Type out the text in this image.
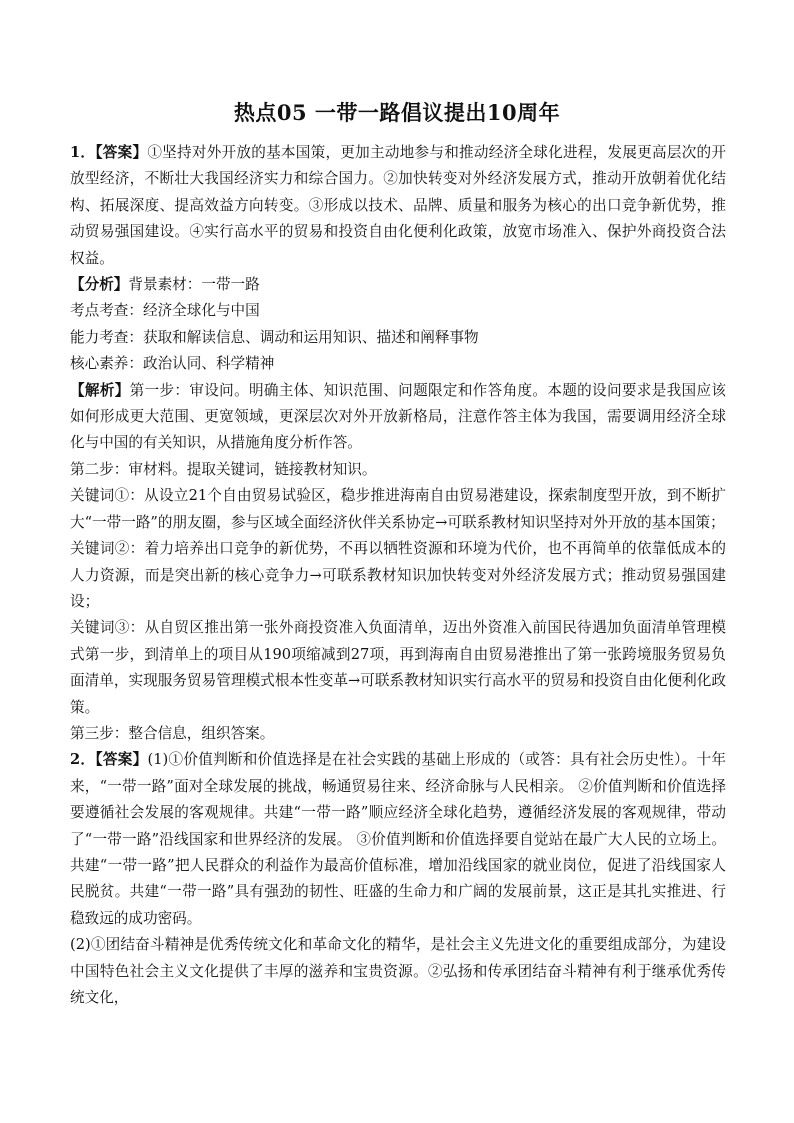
热点05 一带一路倡议提出10周年

1．【答案】①坚持对外开放的基本国策，更加主动地参与和推动经济全球化进程，发展更高层次的开放型经济，不断壮大我国经济实力和综合国力。②加快转变对外经济发展方式，推动开放朝着优化结构、拓展深度、提高效益方向转变。③形成以技术、品牌、质量和服务为核心的出口竞争新优势，推动贸易强国建设。④实行高水平的贸易和投资自由化便利化政策，放宽市场准入、保护外商投资合法权益。

【分析】背景素材：一带一路

考点考查：经济全球化与中国

能力考查：获取和解读信息、调动和运用知识、描述和阐释事物

核心素养：政治认同、科学精神

【解析】第一步：审设问。明确主体、知识范围、问题限定和作答角度。本题的设问要求是我国应该如何形成更大范围、更宽领域，更深层次对外开放新格局，注意作答主体为我国，需要调用经济全球化与中国的有关知识，从措施角度分析作答。

第二步：审材料。提取关键词，链接教材知识。

关键词①：从设立21个自由贸易试验区，稳步推进海南自由贸易港建设，探索制度型开放，到不断扩大“一带一路”的朋友圈，参与区域全面经济伙伴关系协定→可联系教材知识坚持对外开放的基本国策；

关键词②：着力培养出口竞争的新优势，不再以牺牲资源和环境为代价，也不再简单的依靠低成本的人力资源，而是突出新的核心竞争力→可联系教材知识加快转变对外经济发展方式；推动贸易强国建设；

关键词③：从自贸区推出第一张外商投资准入负面清单，迈出外资准入前国民待遇加负面清单管理模式第一步，到清单上的项目从190项缩减到27项，再到海南自由贸易港推出了第一张跨境服务贸易负面清单，实现服务贸易管理模式根本性变革→可联系教材知识实行高水平的贸易和投资自由化便利化政策。

第三步：整合信息，组织答案。

2．【答案】(1)①价值判断和价值选择是在社会实践的基础上形成的（或答：具有社会历史性）。十年来，“一带一路”面对全球发展的挑战，畅通贸易往来、经济命脉与人民相亲。 ②价值判断和价值选择要遵循社会发展的客观规律。共建“一带一路”顺应经济全球化趋势，遵循经济发展的客观规律，带动了“一带一路”沿线国家和世界经济的发展。 ③价值判断和价值选择要自觉站在最广大人民的立场上。共建“一带一路”把人民群众的利益作为最高价值标准，增加沿线国家的就业岗位，促进了沿线国家人民脱贫。共建“一带一路”具有强劲的韧性、旺盛的生命力和广阔的发展前景，这正是其扎实推进、行稳致远的成功密码。

(2)①团结奋斗精神是优秀传统文化和革命文化的精华，是社会主义先进文化的重要组成部分，为建设中国特色社会主义文化提供了丰厚的滋养和宝贵资源。②弘扬和传承团结奋斗精神有利于继承优秀传统文化，
